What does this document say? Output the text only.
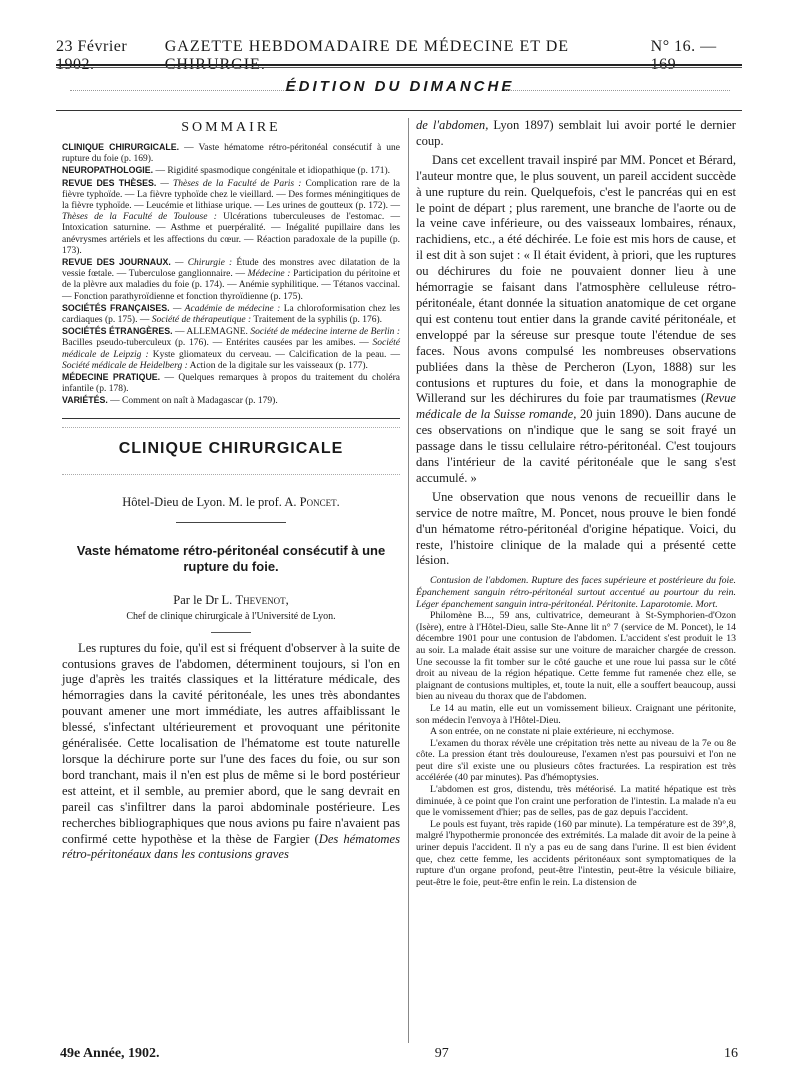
23 Février 1902.
GAZETTE HEBDOMADAIRE DE MÉDECINE ET DE CHIRURGIE.
N° 16. — 169
ÉDITION DU DIMANCHE
SOMMAIRE

CLINIQUE CHIRURGICALE. — Vaste hématome rétro-péritonéal consécutif à une rupture du foie (p. 169).

NEUROPATHOLOGIE. — Rigidité spasmodique congénitale et idiopathique (p. 171).

REVUE DES THÈSES. — Thèses de la Faculté de Paris : Complication rare de la fièvre typhoïde. — La fièvre typhoïde chez le vieillard. — Des formes méningitiques de la fièvre typhoïde. — Leucémie et lithiase urique. — Les urines de goutteux (p. 172). — Thèses de la Faculté de Toulouse : Ulcérations tuberculeuses de l'estomac. — Intoxication saturnine. — Asthme et puerpéralité. — Inégalité pupillaire dans les anévrysmes artériels et les affections du cœur. — Réaction paradoxale de la pupille (p. 173).

REVUE DES JOURNAUX. — Chirurgie : Étude des monstres avec dilatation de la vessie fœtale. — Tuberculose ganglionnaire. — Médecine : Participation du péritoine et de la plèvre aux maladies du foie (p. 174). — Anémie syphilitique. — Tétanos vaccinal. — Fonction parathyroïdienne et fonction thyroïdienne (p. 175).

SOCIÉTÉS FRANÇAISES. — Académie de médecine : La chloroformisation chez les cardiaques (p. 175). — Société de thérapeutique : Traitement de la syphilis (p. 176).

SOCIÉTÉS ÉTRANGÈRES. — ALLEMAGNE. Société de médecine interne de Berlin : Bacilles pseudo-tuberculeux (p. 176). — Entérites causées par les amibes. — Société médicale de Leipzig : Kyste gliomateux du cerveau. — Calcification de la peau. — Société médicale de Heidelberg : Action de la digitale sur les vaisseaux (p. 177).

MÉDECINE PRATIQUE. — Quelques remarques à propos du traitement du choléra infantile (p. 178).

VARIÉTÉS. — Comment on naît à Madagascar (p. 179).

CLINIQUE CHIRURGICALE
Hôtel-Dieu de Lyon. M. le prof. A. Poncet.
Vaste hématome rétro-péritonéal consécutif à une rupture du foie.
Par le Dr L. Thevenot,
Chef de clinique chirurgicale à l'Université de Lyon.

Les ruptures du foie, qu'il est si fréquent d'observer à la suite de contusions graves de l'abdomen, déterminent toujours, si l'on en juge d'après les traités classiques et la littérature médicale, des hémorragies dans la cavité péritonéale, les unes très abondantes pouvant amener une mort immédiate, les autres affaiblissant le blessé, s'infectant ultérieurement et provoquant une péritonite généralisée. Cette localisation de l'hématome est toute naturelle lorsque la déchirure porte sur l'une des faces du foie, ou sur son bord tranchant, mais il n'en est plus de même si le bord postérieur est atteint, et il semble, au premier abord, que le sang devrait en pareil cas s'infiltrer dans la paroi abdominale postérieure. Les recherches bibliographiques que nous avions pu faire n'avaient pas confirmé cette hypothèse et la thèse de Fargier (Des hématomes rétro-péritonéaux dans les contusions graves

de l'abdomen, Lyon 1897) semblait lui avoir porté le dernier coup.

Dans cet excellent travail inspiré par MM. Poncet et Bérard, l'auteur montre que, le plus souvent, un pareil accident succède à une rupture du rein. Quelquefois, c'est le pancréas qui en est le point de départ ; plus rarement, une branche de l'aorte ou de la veine cave inférieure, ou des vaisseaux lombaires, rénaux, rachidiens, etc., a été déchirée. Le foie est mis hors de cause, et il est dit à son sujet : « Il était évident, à priori, que les ruptures ou déchirures du foie ne pouvaient donner lieu à une hémorragie se faisant dans l'atmosphère celluleuse rétro-péritonéale, étant donnée la situation anatomique de cet organe qui est contenu tout entier dans la grande cavité péritonéale, et enveloppé par la séreuse sur presque toute l'étendue de ses faces. Nous avons compulsé les nombreuses observations publiées dans la thèse de Percheron (Lyon, 1888) sur les contusions et ruptures du foie, et dans la monographie de Willerand sur les déchirures du foie par traumatismes (Revue médicale de la Suisse romande, 20 juin 1890). Dans aucune de ces observations on n'indique que le sang se soit frayé un passage dans le tissu cellulaire rétro-péritonéal. C'est toujours dans l'intérieur de la cavité péritonéale que le sang s'est accumulé. »

Une observation que nous venons de recueillir dans le service de notre maître, M. Poncet, nous prouve le bien fondé d'un hématome rétro-péritonéal d'origine hépatique. Voici, du reste, l'histoire clinique de la malade qui a présenté cette lésion.

Contusion de l'abdomen. Rupture des faces supérieure et postérieure du foie. Épanchement sanguin rétro-péritonéal surtout accentué au pourtour du rein. Léger épanchement sanguin intra-péritonéal. Péritonite. Laparotomie. Mort.

Philomène B..., 59 ans, cultivatrice, demeurant à St-Symphorien-d'Ozon (Isère), entre à l'Hôtel-Dieu, salle Ste-Anne lit n° 7 (service de M. Poncet), le 14 décembre 1901 pour une contusion de l'abdomen. L'accident s'est produit le 13 au soir. La malade était assise sur une voiture de maraicher chargée de cresson. Une secousse la fit tomber sur le côté gauche et une roue lui passa sur le côté droit au niveau de la région hépatique. Cette femme fut ramenée chez elle, se plaignant de contusions multiples, et, toute la nuit, elle a souffert beaucoup, aussi bien au niveau du thorax que de l'abdomen.

Le 14 au matin, elle eut un vomissement bilieux. Craignant une péritonite, son médecin l'envoya à l'Hôtel-Dieu.

A son entrée, on ne constate ni plaie extérieure, ni ecchymose.

L'examen du thorax révèle une crépitation très nette au niveau de la 7e ou 8e côte. La pression étant très douloureuse, l'examen n'est pas poursuivi et l'on ne peut dire s'il existe une ou plusieurs côtes fracturées. La respiration est très accélérée (40 par minutes). Pas d'hémoptysies.

L'abdomen est gros, distendu, très météorisé. La matité hépatique est très diminuée, à ce point que l'on craint une perforation de l'intestin. La malade n'a eu que le vomissement d'hier; pas de selles, pas de gaz depuis l'accident.

Le pouls est fuyant, très rapide (160 par minute). La température est de 39°,8, malgré l'hypothermie prononcée des extrémités. La malade dit avoir de la peine à uriner depuis l'accident. Il n'y a pas eu de sang dans l'urine. Il est bien évident que, chez cette femme, les accidents péritonéaux sont symptomatiques de la rupture d'un organe profond, peut-être l'intestin, peut-être la vésicule biliaire, peut-être le foie, peut-être enfin le rein. La distension de

49e Année, 1902.	97	16
